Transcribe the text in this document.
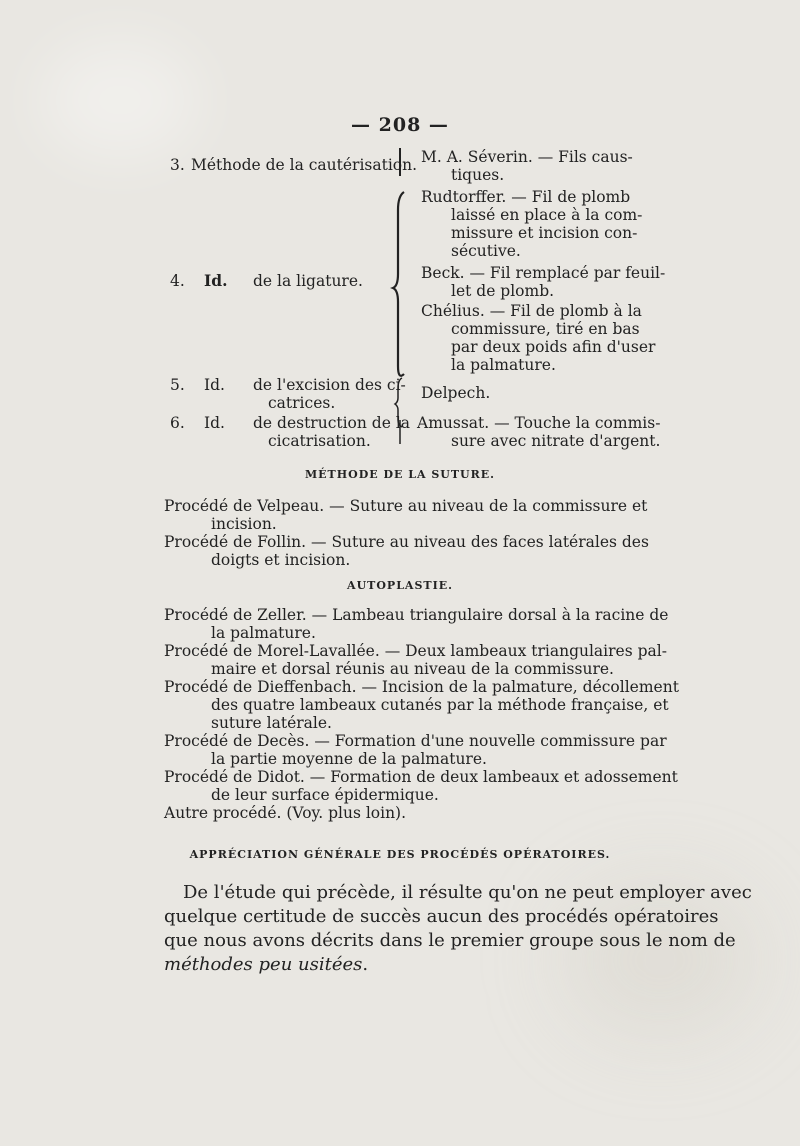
— 208 —
3. Méthode de la cautérisation. M. A. Séverin. — Fils caus-
tiques.
4. Id. de la ligature.
Rudtorffer. — Fil de plomb
laissé en place à la com-
missure et incision con-
sécutive.
Beck. — Fil remplacé par feuil-
let de plomb.
Chélius. — Fil de plomb à la
commissure, tiré en bas
par deux poids afin d'user
la palmature.
5. Id. de l'excision des ci-
catrices.
Delpech.
6. Id. de destruction de la
cicatrisation.
Amussat. — Touche la commis-
sure avec nitrate d'argent.
MÉTHODE DE LA SUTURE.
Procédé de Velpeau. — Suture au niveau de la commissure et
incision.
Procédé de Follin. — Suture au niveau des faces latérales des
doigts et incision.
AUTOPLASTIE.
Procédé de Zeller. — Lambeau triangulaire dorsal à la racine de
la palmature.
Procédé de Morel-Lavallée. — Deux lambeaux triangulaires pal-
maire et dorsal réunis au niveau de la commissure.
Procédé de Dieffenbach. — Incision de la palmature, décollement
des quatre lambeaux cutanés par la méthode française, et
suture latérale.
Procédé de Decès. — Formation d'une nouvelle commissure par
la partie moyenne de la palmature.
Procédé de Didot. — Formation de deux lambeaux et adossement
de leur surface épidermique.
Autre procédé. (Voy. plus loin).
APPRÉCIATION GÉNÉRALE DES PROCÉDÉS OPÉRATOIRES.
De l'étude qui précède, il résulte qu'on ne peut employer avec
quelque certitude de succès aucun des procédés opératoires
que nous avons décrits dans le premier groupe sous le nom de
méthodes peu usitées.
